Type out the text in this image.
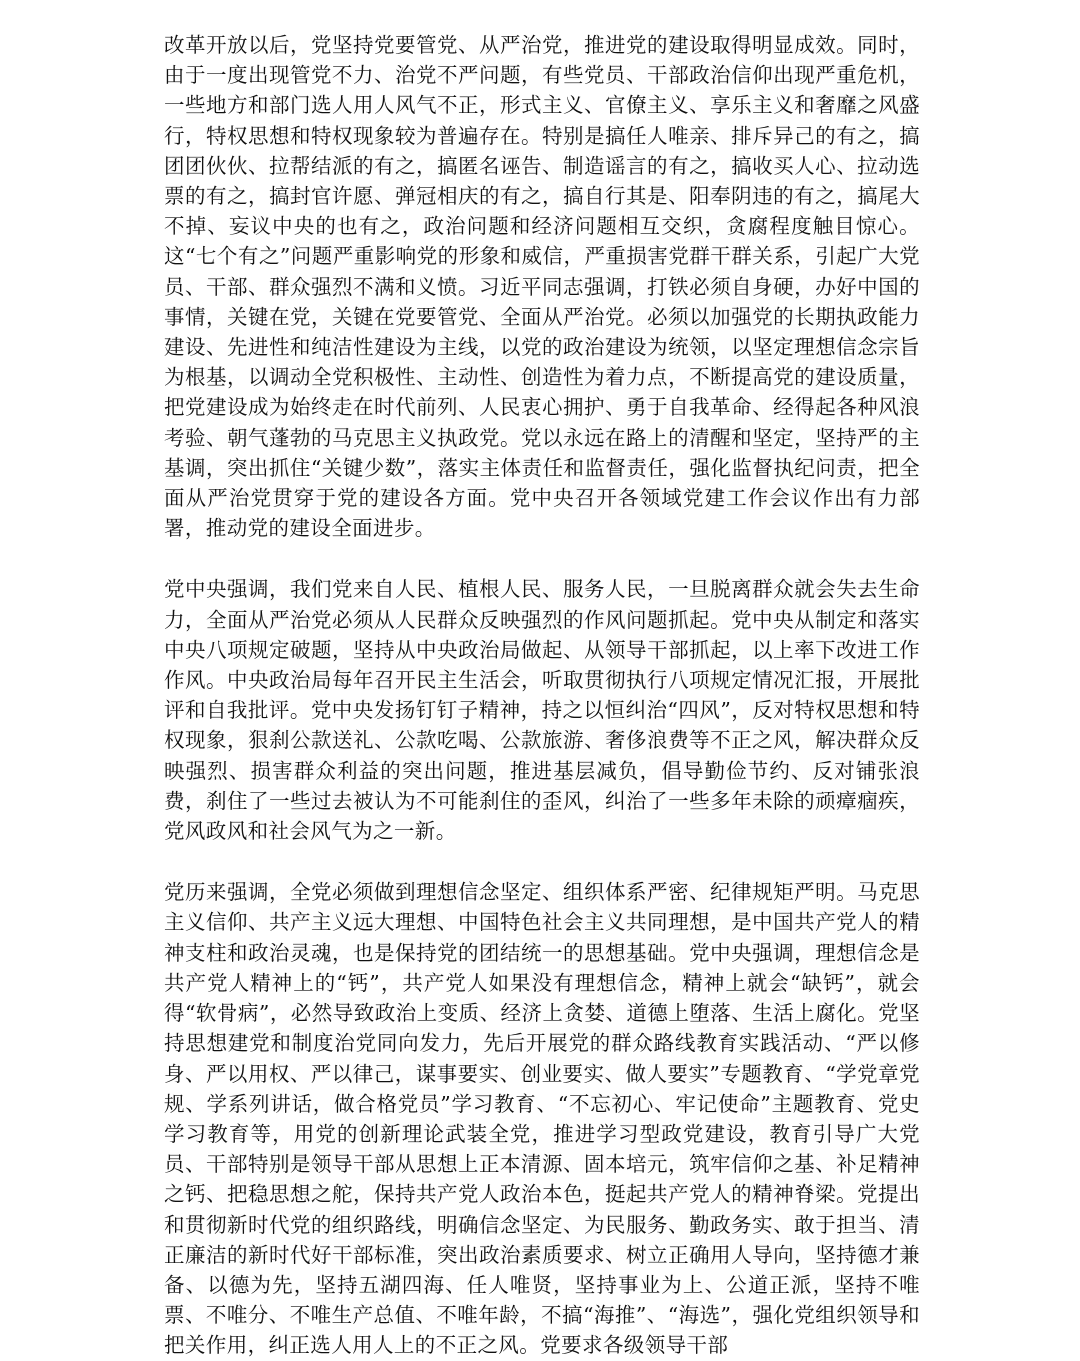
改革开放以后，党坚持党要管党、从严治党，推进党的建设取得明显成效。同时，由于一度出现管党不力、治党不严问题，有些党员、干部政治信仰出现严重危机，一些地方和部门选人用人风气不正，形式主义、官僚主义、享乐主义和奢靡之风盛行，特权思想和特权现象较为普遍存在。特别是搞任人唯亲、排斥异己的有之，搞团团伙伙、拉帮结派的有之，搞匿名诬告、制造谣言的有之，搞收买人心、拉动选票的有之，搞封官许愿、弹冠相庆的有之，搞自行其是、阳奉阴违的有之，搞尾大不掉、妄议中央的也有之，政治问题和经济问题相互交织，贪腐程度触目惊心。这“七个有之”问题严重影响党的形象和威信，严重损害党群干群关系，引起广大党员、干部、群众强烈不满和义愤。习近平同志强调，打铁必须自身硬，办好中国的事情，关键在党，关键在党要管党、全面从严治党。必须以加强党的长期执政能力建设、先进性和纯洁性建设为主线，以党的政治建设为统领，以坚定理想信念宗旨为根基，以调动全党积极性、主动性、创造性为着力点，不断提高党的建设质量，把党建设成为始终走在时代前列、人民衷心拥护、勇于自我革命、经得起各种风浪考验、朝气蓬勃的马克思主义执政党。党以永远在路上的清醒和坚定，坚持严的主基调，突出抓住“关键少数”，落实主体责任和监督责任，强化监督执纪问责，把全面从严治党贯穿于党的建设各方面。党中央召开各领域党建工作会议作出有力部署，推动党的建设全面进步。

党中央强调，我们党来自人民、植根人民、服务人民，一旦脱离群众就会失去生命力，全面从严治党必须从人民群众反映强烈的作风问题抓起。党中央从制定和落实中央八项规定破题，坚持从中央政治局做起、从领导干部抓起，以上率下改进工作作风。中央政治局每年召开民主生活会，听取贯彻执行八项规定情况汇报，开展批评和自我批评。党中央发扬钉钉子精神，持之以恒纠治“四风”，反对特权思想和特权现象，狠刹公款送礼、公款吃喝、公款旅游、奢侈浪费等不正之风，解决群众反映强烈、损害群众利益的突出问题，推进基层减负，倡导勤俭节约、反对铺张浪费，刹住了一些过去被认为不可能刹住的歪风，纠治了一些多年未除的顽瘴痼疾，党风政风和社会风气为之一新。

党历来强调，全党必须做到理想信念坚定、组织体系严密、纪律规矩严明。马克思主义信仰、共产主义远大理想、中国特色社会主义共同理想，是中国共产党人的精神支柱和政治灵魂，也是保持党的团结统一的思想基础。党中央强调，理想信念是共产党人精神上的“钙”，共产党人如果没有理想信念，精神上就会“缺钙”，就会得“软骨病”，必然导致政治上变质、经济上贪婪、道德上堕落、生活上腐化。党坚持思想建党和制度治党同向发力，先后开展党的群众路线教育实践活动、“严以修身、严以用权、严以律己，谋事要实、创业要实、做人要实”专题教育、“学党章党规、学系列讲话，做合格党员”学习教育、“不忘初心、牢记使命”主题教育、党史学习教育等，用党的创新理论武装全党，推进学习型政党建设，教育引导广大党员、干部特别是领导干部从思想上正本清源、固本培元，筑牢信仰之基、补足精神之钙、把稳思想之舵，保持共产党人政治本色，挺起共产党人的精神脊梁。党提出和贯彻新时代党的组织路线，明确信念坚定、为民服务、勤政务实、敢于担当、清正廉洁的新时代好干部标准，突出政治素质要求、树立正确用人导向，坚持德才兼备、以德为先，坚持五湖四海、任人唯贤，坚持事业为上、公道正派，坚持不唯票、不唯分、不唯生产总值、不唯年龄，不搞“海推”、“海选”，强化党组织领导和把关作用，纠正选人用人上的不正之风。党要求各级领导干部
